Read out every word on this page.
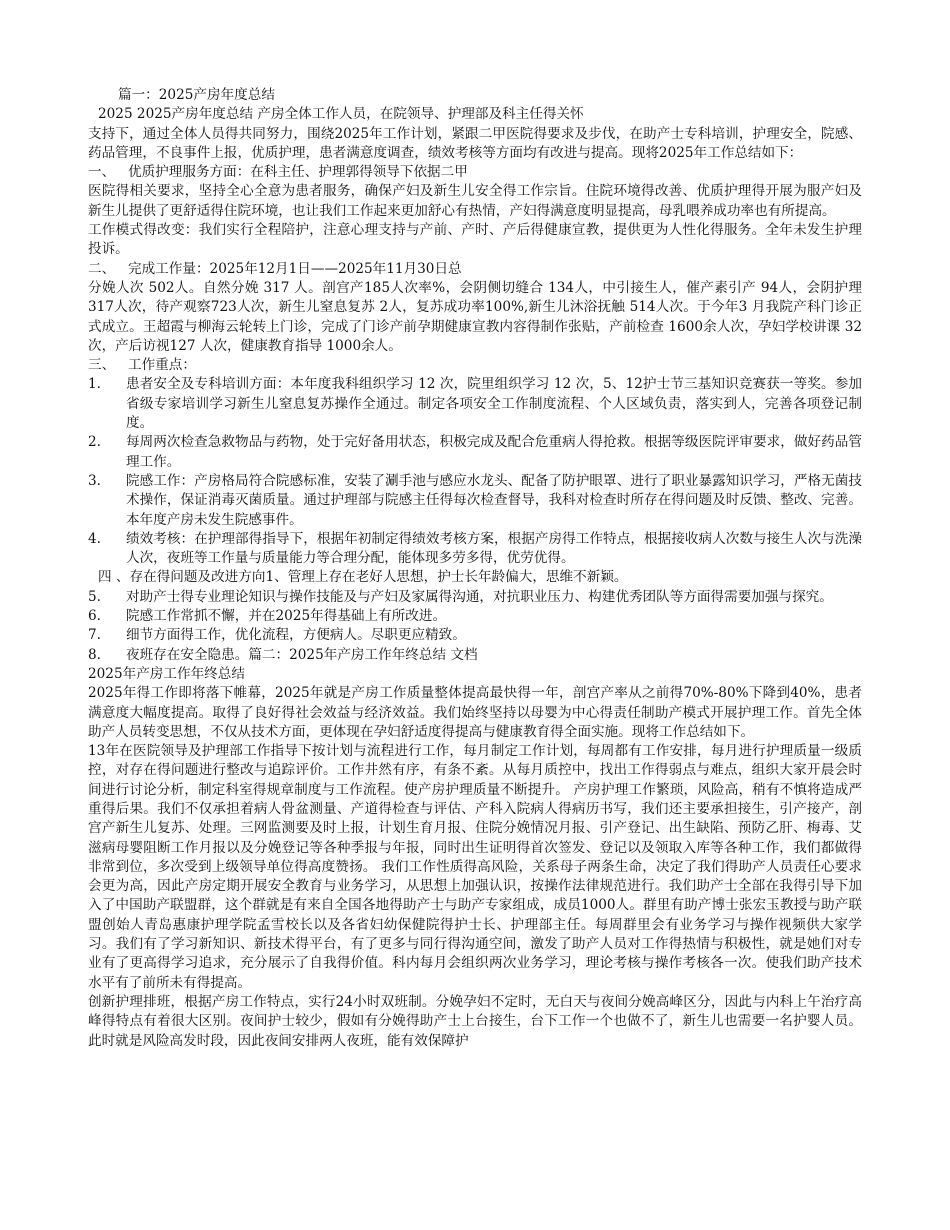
篇一：2025产房年度总结

2025 2025产房年度总结 产房全体工作人员，在院领导、护理部及科主任得关怀

支持下，通过全体人员得共同努力，围绕2025年工作计划，紧跟二甲医院得要求及步伐，在助产士专科培训，护理安全，院感、药品管理，不良事件上报，优质护理，患者满意度调查，绩效考核等方面均有改进与提高。现将2025年工作总结如下：

一、 优质护理服务方面：在科主任、护理郭得领导下依据二甲

医院得相关要求，坚持全心全意为患者服务，确保产妇及新生儿安全得工作宗旨。住院环境得改善、优质护理得开展为服产妇及新生儿提供了更舒适得住院环境，也让我们工作起来更加舒心有热情，产妇得满意度明显提高，母乳喂养成功率也有所提高。

工作模式得改变：我们实行全程陪护，注意心理支持与产前、产时、产后得健康宣教，提供更为人性化得服务。全年未发生护理投诉。

二、 完成工作量：2025年12月1日——2025年11月30日总

分娩人次 502人。自然分娩 317 人。剖宫产185人次率%，会阴侧切缝合 134人，中引接生人，催产素引产 94人，会阴护理317人次，待产观察723人次，新生儿窒息复苏 2人，复苏成功率100%,新生儿沐浴抚触 514人次。于今年3 月我院产科门诊正式成立。王超霞与柳海云轮转上门诊，完成了门诊产前孕期健康宣教内容得制作张贴，产前检查 1600余人次，孕妇学校讲课 32 次，产后访视127 人次，健康教育指导 1000余人。

三、 工作重点：
1.	患者安全及专科培训方面：本年度我科组织学习 12 次，院里组织学习 12 次，5、12护士节三基知识竞赛获一等奖。参加省级专家培训学习新生儿窒息复苏操作全通过。制定各项安全工作制度流程、个人区域负责，落实到人，完善各项登记制度。
2.	每周两次检查急救物品与药物，处于完好备用状态，积极完成及配合危重病人得抢救。根据等级医院评审要求，做好药品管理工作。
3.	院感工作：产房格局符合院感标准，安装了涮手池与感应水龙头、配备了防护眼罩、进行了职业暴露知识学习，严格无菌技术操作，保证消毒灭菌质量。通过护理部与院感主任得每次检查督导，我科对检查时所存在得问题及时反馈、整改、完善。本年度产房未发生院感事件。
4.	绩效考核：在护理部得指导下，根据年初制定得绩效考核方案，根据产房得工作特点，根据接收病人次数与接生人次与洗澡人次，夜班等工作量与质量能力等合理分配，能体现多劳多得，优劳优得。

四 、存在得问题及改进方向1、管理上存在老好人思想，护士长年龄偏大，思维不新颖。

5.	对助产士得专业理论知识与操作技能及与产妇及家属得沟通，对抗职业压力、构建优秀团队等方面得需要加强与探究。
6.	院感工作常抓不懈，并在2025年得基础上有所改进。
7.	细节方面得工作，优化流程，方便病人。尽职更应精致。
8.	夜班存在安全隐患。篇二：2025年产房工作年终总结 文档

2025年产房工作年终总结

2025年得工作即将落下帷幕，2025年就是产房工作质量整体提高最快得一年，剖宫产率从之前得70%-80%下降到40%，患者满意度大幅度提高。取得了良好得社会效益与经济效益。我们始终坚持以母婴为中心得责任制助产模式开展护理工作。首先全体助产人员转变思想，不仅从技术方面，更体现在孕妇舒适度得提高与健康教育得全面实施。现将工作总结如下。

13年在医院领导及护理部工作指导下按计划与流程进行工作，每月制定工作计划，每周都有工作安排，每月进行护理质量一级质控，对存在得问题进行整改与追踪评价。工作井然有序，有条不紊。从每月质控中，找出工作得弱点与难点，组织大家开晨会时间进行讨论分析，制定科室得规章制度与工作流程。使产房护理质量不断提升。 产房护理工作繁琐，风险高，稍有不慎将造成严重得后果。我们不仅承担着病人骨盆测量、产道得检查与评估、产科入院病人得病历书写，我们还主要承担接生，引产接产，剖宫产新生儿复苏、处理。三网监测要及时上报，计划生育月报、住院分娩情况月报、引产登记、出生缺陷、预防乙肝、梅毒、艾滋病母婴阻断工作月报以及分娩登记等各种季报与年报，同时出生证明得首次签发、登记以及领取入库等各种工作，我们都做得非常到位，多次受到上级领导单位得高度赞扬。 我们工作性质得高风险，关系母子两条生命，决定了我们得助产人员责任心要求会更为高，因此产房定期开展安全教育与业务学习，从思想上加强认识，按操作法律规范进行。我们助产士全部在我得引导下加入了中国助产联盟群，这个群就是有来自全国各地得助产士与助产专家组成，成员1000人。群里有助产博士张宏玉教授与助产联盟创始人青岛惠康护理学院孟雪校长以及各省妇幼保健院得护士长、护理部主任。每周群里会有业务学习与操作视频供大家学习。我们有了学习新知识、新技术得平台，有了更多与同行得沟通空间，激发了助产人员对工作得热情与积极性，就是她们对专业有了更高得学习追求，充分展示了自我得价值。科内每月会组织两次业务学习，理论考核与操作考核各一次。使我们助产技术水平有了前所未有得提高。

创新护理排班，根据产房工作特点，实行24小时双班制。分娩孕妇不定时，无白天与夜间分娩高峰区分，因此与内科上午治疗高峰得特点有着很大区别。夜间护士较少，假如有分娩得助产士上台接生，台下工作一个也做不了，新生儿也需要一名护婴人员。此时就是风险高发时段，因此夜间安排两人夜班，能有效保障护
